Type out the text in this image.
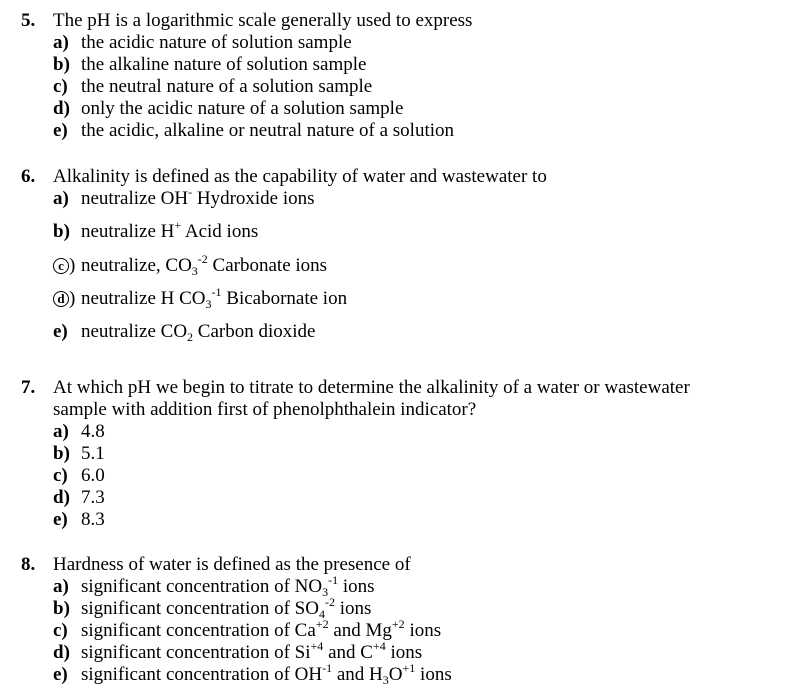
5. The pH is a logarithmic scale generally used to express
a) the acidic nature of solution sample
b) the alkaline nature of solution sample
c) the neutral nature of a solution sample
d) only the acidic nature of a solution sample
e) the acidic, alkaline or neutral nature of a solution
6. Alkalinity is defined as the capability of water and wastewater to
a) neutralize OH- Hydroxide ions
b) neutralize H+ Acid ions
c ) neutralize, $CO_3^{-2}$ Carbonate ions
d ) neutralize H $CO_3^{-1}$ Bicabornate ion
e) neutralize $CO_2$ Carbon dioxide
7. At which pH we begin to titrate to determine the alkalinity of a water or wastewater
sample with addition first of phenolphthalein indicator?
a) 4.8
b) 5.1
c) 6.0
d) 7.3
e) 8.3
8. Hardness of water is defined as the presence of
a) significant concentration of $NO_3^{-1}$ ions
b) significant concentration of $SO_4^{-2}$ ions
c) significant concentration of $Ca^{+2}$ and $Mg^{+2}$ ions
d) significant concentration of $Si^{+4}$ and $C^{+4}$ ions
e) significant concentration of $OH^{-1}$ and $H_3O^{+1}$ ions
